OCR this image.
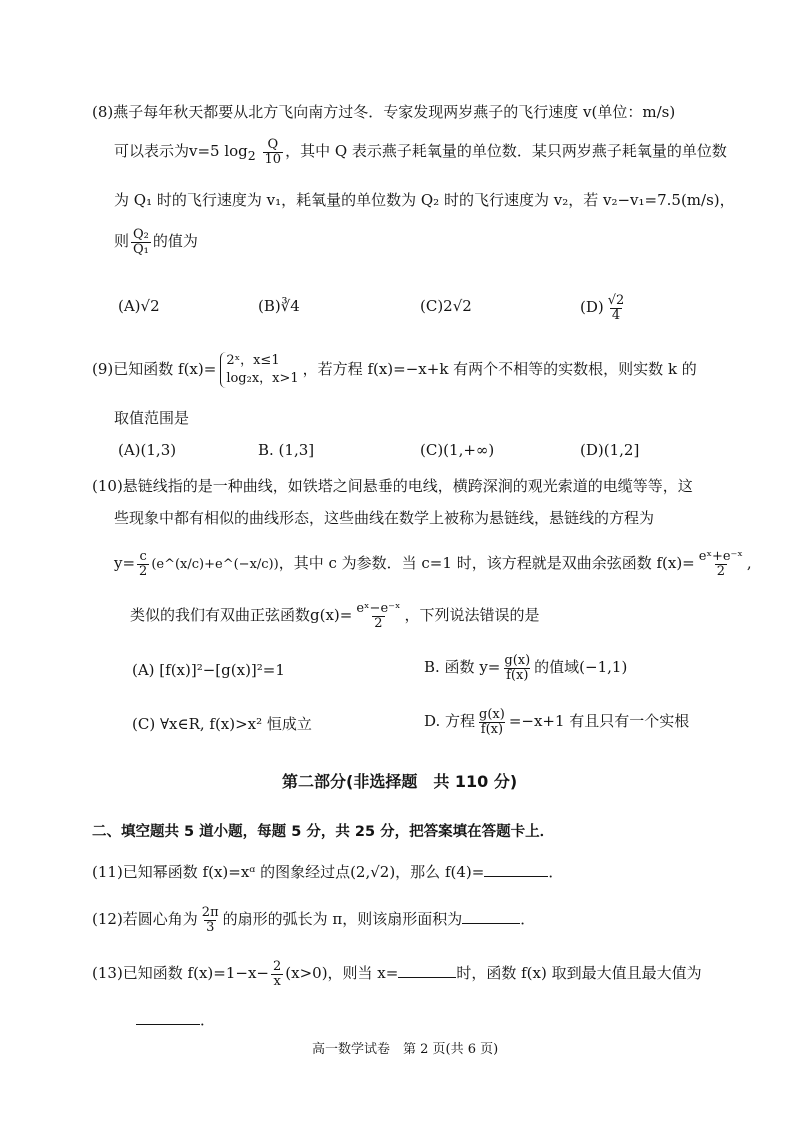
(8)燕子每年秋天都要从北方飞向南方过冬．专家发现两岁燕子的飞行速度 v(单位：m/s)
可以表示为v=5 $\log_2 \frac{Q}{10}$ ，其中 Q 表示燕子耗氧量的单位数．某只两岁燕子耗氧量的单位数
为 Q₁ 时的飞行速度为 v₁，耗氧量的单位数为 Q₂ 时的飞行速度为 v₂，若 v₂−v₁=7.5(m/s)，
则 $\frac{\text{Q₂}}{\text{Q₁}}$ 的值为
(A)√2	(B)∛4	(C)2√2	$(D) \frac{√2}{4}$
(9)已知函数 f(x)= 2ˣ，x≤1
log₂x，x>1
，若方程 f(x)=−x+k 有两个不相等的实数根，则实数 k 的
取值范围是
(A)(1,3)	B. (1,3]	(C)(1,+∞)	(D)(1,2]
(10)悬链线指的是一种曲线，如铁塔之间悬垂的电线，横跨深涧的观光索道的电缆等等，这
些现象中都有相似的曲线形态，这些曲线在数学上被称为悬链线，悬链线的方程为
$y= \frac{c}{2}$ (e^(x/c)+e^(−x/c))，其中 c 为参数．当 c=1 时，该方程就是双曲余弦函数 $f(x)= \frac{\text{eˣ+e⁻ˣ}}{2}$ ,
类似的我们有双曲正弦函数$g(x)= \frac{\text{eˣ−e⁻ˣ}}{2}$ ，下列说法错误的是
(A) [f(x)]²−[g(x)]²=1	B. 函数 $y= \frac{g(x)}{f(x)}$ 的值域(−1,1)
(C) ∀x∈R, f(x)>x² 恒成立	D. 方程 $\frac{g(x)}{f(x)} =-x+1$ 有且只有一个实根
第二部分(非选择题　共 110 分)
二、填空题共 5 道小题，每题 5 分，共 25 分，把答案填在答题卡上．
(11)已知幂函数 f(x)=xᵅ 的图象经过点(2,√2)，那么 f(4)=	．
(12)若圆心角为 $\frac{2\pi}{3}$ 的扇形的弧长为 π，则该扇形面积为	．
(13)已知函数 $f(x)=1-x- \frac{2}{x} (x>0)$，则当 x=	时，函数 f(x) 取到最大值且最大值为
．
高一数学试卷　第 2 页(共 6 页)
